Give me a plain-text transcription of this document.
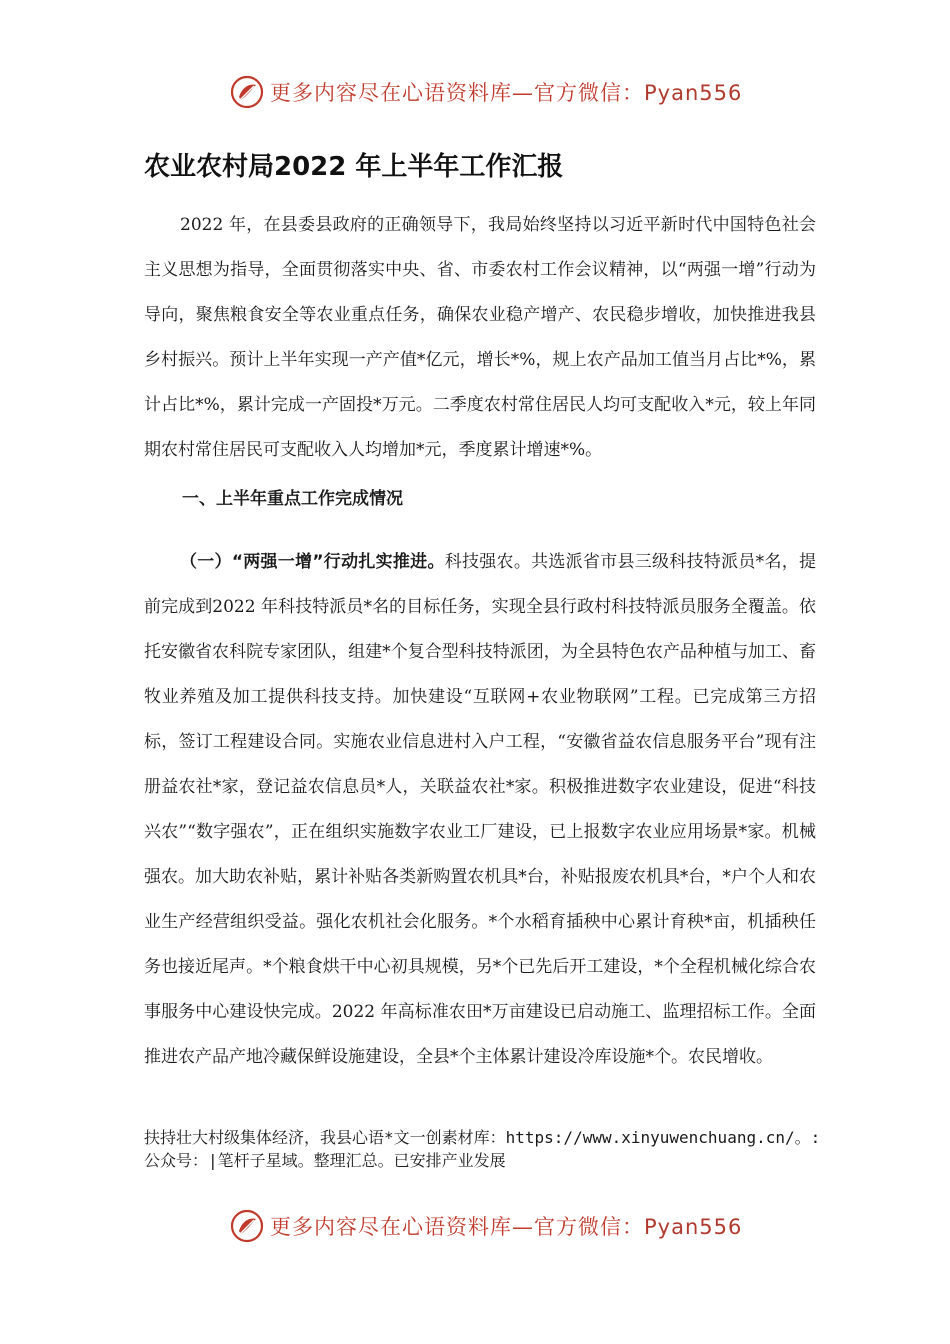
更多内容尽在心语资料库—官方微信：Pyan556
农业农村局2022 年上半年工作汇报

2022 年，在县委县政府的正确领导下，我局始终坚持以习近平新时代中国特色社会主义思想为指导，全面贯彻落实中央、省、市委农村工作会议精神，以“两强一增”行动为导向，聚焦粮食安全等农业重点任务，确保农业稳产增产、农民稳步增收，加快推进我县乡村振兴。预计上半年实现一产产值*亿元，增长*%，规上农产品加工值当月占比*%，累计占比*%，累计完成一产固投*万元。二季度农村常住居民人均可支配收入*元，较上年同期农村常住居民可支配收入人均增加*元，季度累计增速*%。

一、上半年重点工作完成情况

（一）“两强一增”行动扎实推进。科技强农。共选派省市县三级科技特派员*名，提前完成到2022 年科技特派员*名的目标任务，实现全县行政村科技特派员服务全覆盖。依托安徽省农科院专家团队，组建*个复合型科技特派团，为全县特色农产品种植与加工、畜牧业养殖及加工提供科技支持。加快建设“互联网+农业物联网”工程。已完成第三方招标，签订工程建设合同。实施农业信息进村入户工程，“安徽省益农信息服务平台”现有注册益农社*家，登记益农信息员*人，关联益农社*家。积极推进数字农业建设，促进“科技兴农”“数字强农”，正在组织实施数字农业工厂建设，已上报数字农业应用场景*家。机械强农。加大助农补贴，累计补贴各类新购置农机具*台，补贴报废农机具*台，*户个人和农业生产经营组织受益。强化农机社会化服务。*个水稻育插秧中心累计育秧*亩，机插秧任务也接近尾声。*个粮食烘干中心初具规模，另*个已先后开工建设，*个全程机械化综合农事服务中心建设快完成。2022 年高标准农田*万亩建设已启动施工、监理招标工作。全面推进农产品产地冷藏保鲜设施建设，全县*个主体累计建设冷库设施*个。农民增收。

扶持壮大村级集体经济，我县心语*文一创素材库：https://www.xinyuwenchuang.cn/。:公众号：|笔杆子星域。整理汇总。已安排产业发展

更多内容尽在心语资料库—官方微信：Pyan556
